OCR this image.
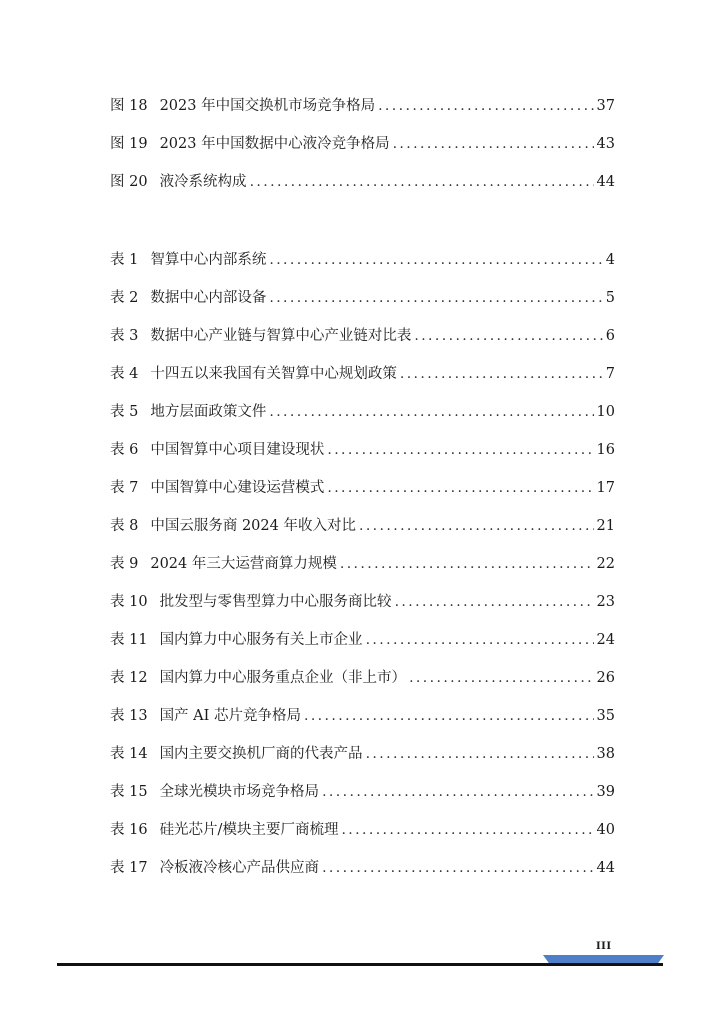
图 18 2023 年中国交换机市场竞争格局 .....	37
图 19 2023 年中国数据中心液冷竞争格局 .....	43
图 20 液冷系统构成 .....	44
表 1 智算中心内部系统 .....	4
表 2 数据中心内部设备 .....	5
表 3 数据中心产业链与智算中心产业链对比表 .....	6
表 4 十四五以来我国有关智算中心规划政策 .....	7
表 5 地方层面政策文件 .....	10
表 6 中国智算中心项目建设现状 .....	16
表 7 中国智算中心建设运营模式 .....	17
表 8 中国云服务商 2024 年收入对比 .....	21
表 9 2024 年三大运营商算力规模 .....	22
表 10 批发型与零售型算力中心服务商比较 .....	23
表 11 国内算力中心服务有关上市企业 .....	24
表 12 国内算力中心服务重点企业（非上市） .....	26
表 13 国产 AI 芯片竞争格局 .....	35
表 14 国内主要交换机厂商的代表产品 .....	38
表 15 全球光模块市场竞争格局 .....	39
表 16 硅光芯片/模块主要厂商梳理 .....	40
表 17 冷板液冷核心产品供应商 .....	44
III
